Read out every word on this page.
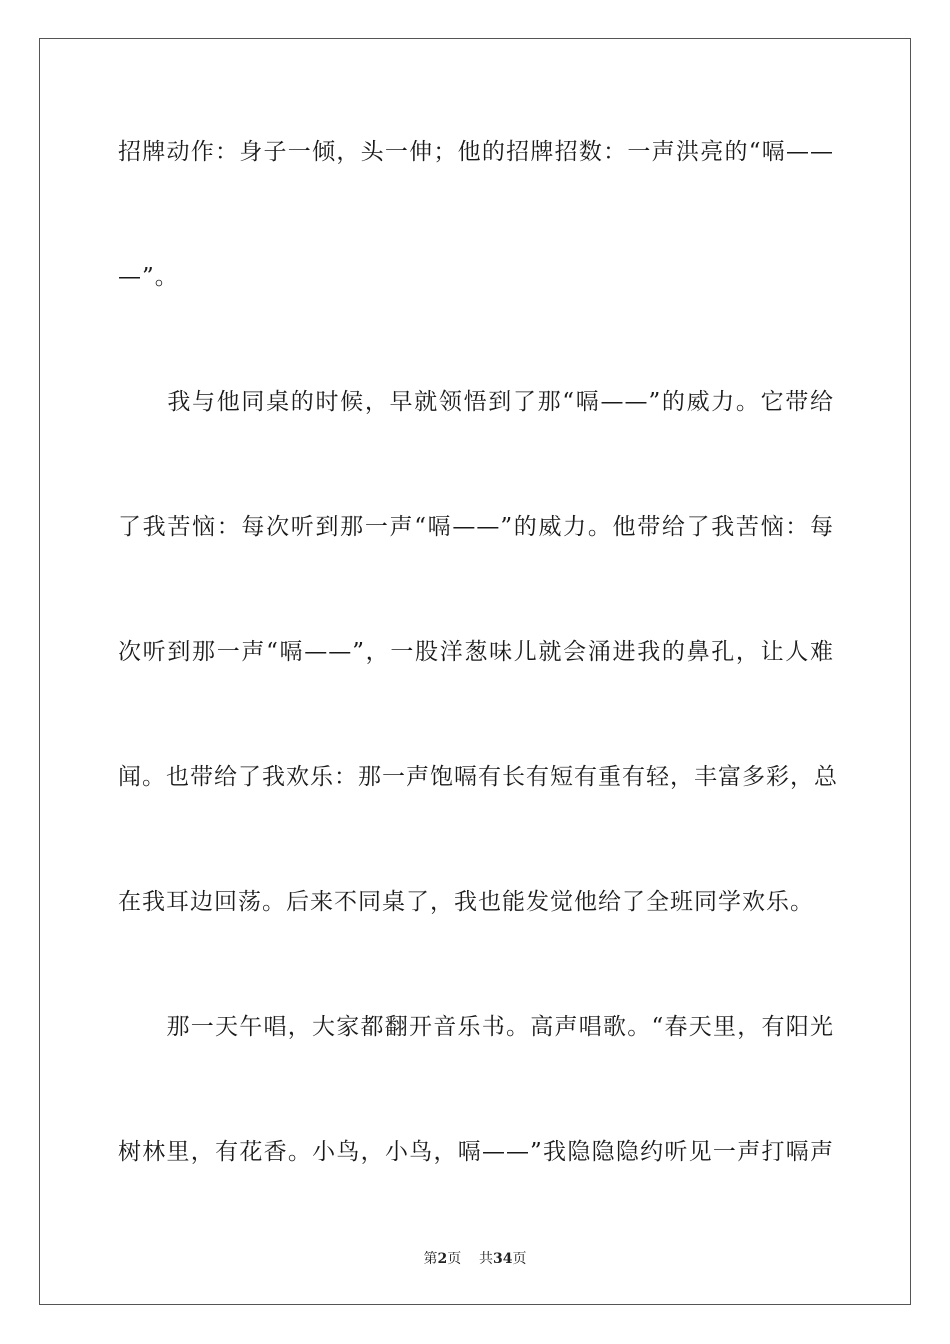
招牌动作：身子一倾，头一伸；他的招牌招数：一声洪亮的“嗝——
—”。
　　我与他同桌的时候，早就领悟到了那“嗝——”的威力。它带给
了我苦恼：每次听到那一声“嗝——”的威力。他带给了我苦恼：每
次听到那一声“嗝——”，一股洋葱味儿就会涌进我的鼻孔，让人难
闻。也带给了我欢乐：那一声饱嗝有长有短有重有轻，丰富多彩，总
在我耳边回荡。后来不同桌了，我也能发觉他给了全班同学欢乐。
　　那一天午唱，大家都翻开音乐书。高声唱歌。“春天里，有阳光
树林里，有花香。小鸟，小鸟，嗝——”我隐隐隐约听见一声打嗝声
第2页 共34页
